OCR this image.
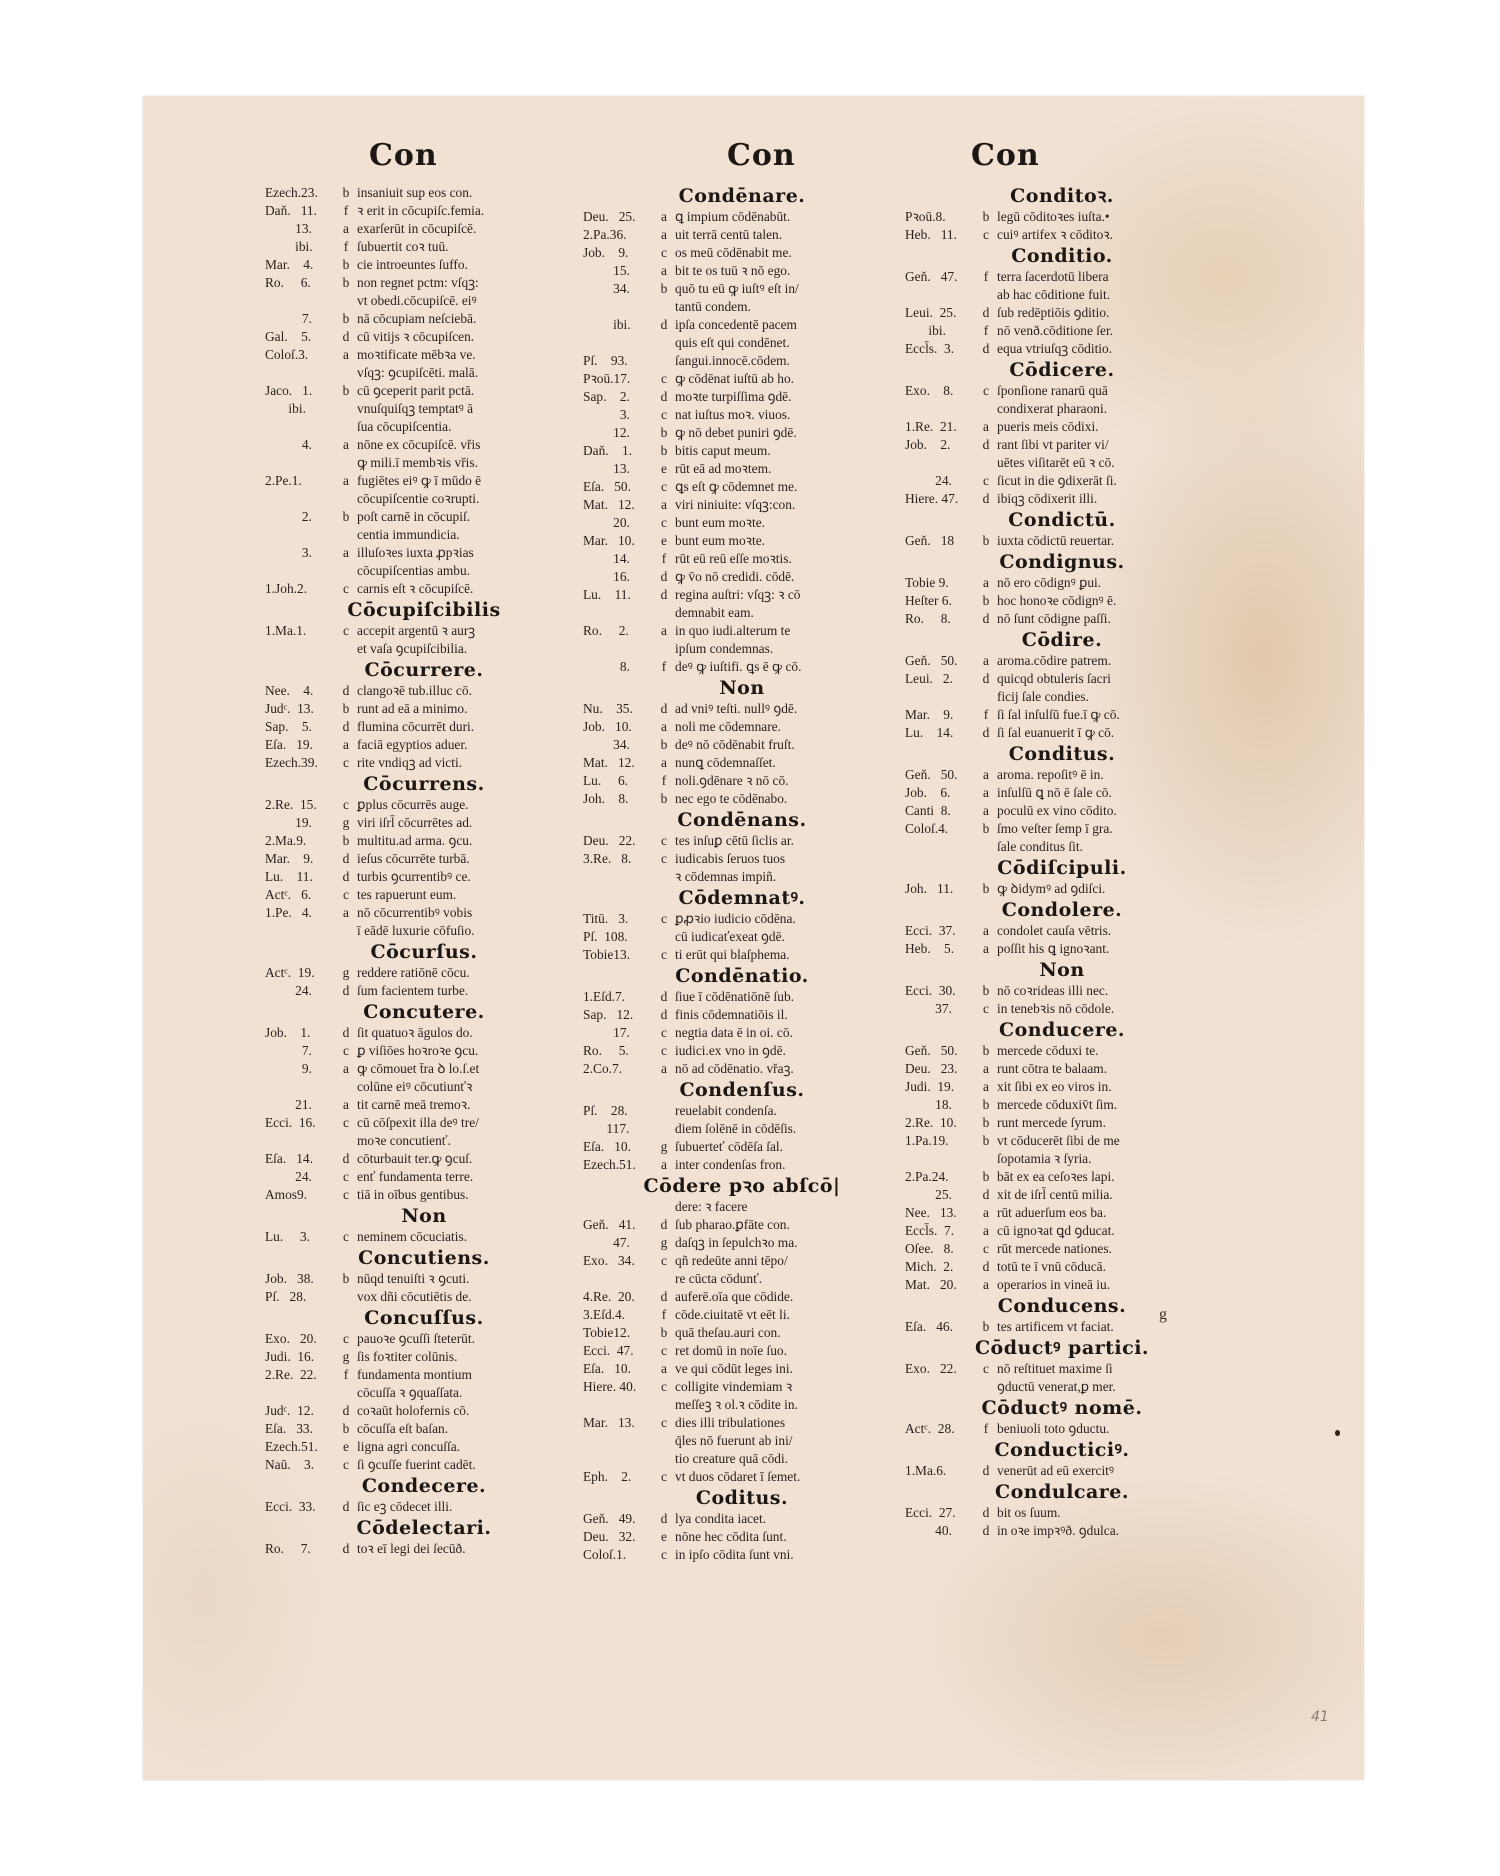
Con
Ezech.23.	b insaniuit sup eos con.
Daň.   11.	f ꝛ erit in cōcupiſc.femia.
13.	a exarſerūt in cōcupiſcē.
ibi.	f ſubuertit coꝛ tuū.
Mar.    4.	b cie introeuntes ſuffo.
Ro.     6.	b non regnet pctm: vſqꝫ:
vt obedi.cōcupiſcē. eiꝰ
7.	b nā cōcupiam neſciebā.
Gal.    5.	d cū vitijs ꝛ cōcupiſcen.
Coloſ.3.	a moꝛtificate mēbꝛa ve.
vſqꝫ: ꝯcupiſcēti. malā.
Jaco.   1.	b cū ꝯceperit parit pctā.
ibi.	vnuſquiſqꝫ temptatꝰ ā
ſua cōcupiſcentia.
4.	a nōne ex cōcupiſcē. vřis
ꝙ mili.ī membꝛis vřis.
2.Pe.1.	a fugiētes eiꝰ ꝙ ī mūdo ē
cōcupiſcentie coꝛrupti.
2.	b poſt carnē in cōcupiſ.
centia immundicia.
3.	a illuſoꝛes iuxta ꝓpꝛias
cōcupiſcentias ambu.
1.Joh.2.	c carnis eſt ꝛ cōcupiſcē.
Cōcupiſcibilis
1.Ma.1.	c accepit argentū ꝛ aurꝫ
et vaſa ꝯcupiſcibilia.
Cōcurrere.
Nee.    4.	d clangoꝛē tub.illuc cō.
Judᶜ.  13.	b runt ad eā a minimo.
Sap.    5.	d flumina cōcurrēt duri.
Eſa.   19.	a faciā egyptios aduer.
Ezech.39.	c rite vndiqꝫ ad victi.
Cōcurrens.
2.Re.  15.	c ꝑplus cōcurrēs auge.
19.	g viri iſrl̄ cōcurrētes ad.
2.Ma.9.	b multitu.ad arma. ꝯcu.
Mar.    9.	d ieſus cōcurrēte turbā.
Lu.    11.	d turbis ꝯcurrentibꝰ ce.
Actᶜ.   6.	c tes rapuerunt eum.
1.Pe.   4.	a nō cōcurrentibꝰ vobis
ī eādē luxurie cōfuſio.
Cōcurſus.
Actᶜ.  19.	g reddere ratiōnē cōcu.
24.	d ſum facientem turbe.
Concutere.
Job.    1.	d ſit quatuoꝛ āgulos do.
7.	c ꝑ viſiōes hoꝛroꝛe ꝯcu.
9.	a ꝙ cōmouet t̄ra ꝺ lo.ſ.et
colūne eiꝰ cōcutiunťꝛ
21.	a tit carnē meā tremoꝛ.
Ecci.  16.	c cū cōſpexit illa deꝰ tre/
moꝛe concutienť.
Eſa.   14.	d cōturbauit ter.ꝙ ꝯcuſ.
24.	c enť fundamenta terre.
Amos9.	c tiā in oībus gentibus.
Non
Lu.     3.	c neminem cōcuciatis.
Concutiens.
Job.   38.	b nūqd tenuiſti ꝛ ꝯcuti.
Pſ.   28.	vox dñi cōcutiētis de.
Concuſſus.
Exo.   20.	c pauoꝛe ꝯcuſſi ſteterūt.
Judi.  16.	g ſis foꝛtiter colūnis.
2.Re.  22.	f fundamenta montium
cōcuſſa ꝛ ꝯquaſſata.
Judᶜ.  12.	d coꝛaūt holofernis cō.
Eſa.   33.	b cōcuſſa eſt baſan.
Ezech.51.	e ligna agri concuſſa.
Naū.    3.	c ſi ꝯcuſſe fuerint cadēt.
Condecere.
Ecci.  33.	d ſic eꝫ cōdecet illi.
Cōdelectari.
Ro.     7.	d toꝛ eī legi dei ſecūð.
Con
Condēnare.
Deu.   25.	a ꝗ impium cōdēnabūt.
2.Pa.36.	a uit terrā centū talen.
Job.    9.	c os meū cōdēnabit me.
15.	a bit te os tuū ꝛ nō ego.
34.	b quō tu eū ꝙ iuſtꝰ eſt in/
tantū condem.
ibi.	d ipſa concedentē pacem
quis eſt qui condēnet.
Pſ.    93.	ſangui.innocē.cōdem.
Pꝛoū.17.	c ꝙ cōdēnat iuſtū ab ho.
Sap.    2.	d moꝛte turpiſſima ꝯdē.
3.	c nat iuſtus moꝛ. viuos.
12.	b ꝙ nō debet puniri ꝯdē.
Daň.    1.	b bitis caput meum.
13.	e rūt eā ad moꝛtem.
Eſa.   50.	c ꝗs eſt ꝙ cōdemnet me.
Mat.   12.	a viri niniuite: vſqꝫ:con.
20.	c bunt eum moꝛte.
Mar.   10.	e bunt eum moꝛte.
14.	f rūt eū reū eſſe moꝛtis.
16.	d ꝙ v̄o nō credidi. cōdē.
Lu.    11.	d regina auſtri: vſqꝫ: ꝛ cō
demnabit eam.
Ro.     2.	a in quo iudi.alterum te
ipſum condemnas.
8.	f deꝰ ꝙ iuſtifi. ꝗs ē ꝙ cō.
Non
Nu.    35.	d ad vniꝰ teſti. nullꝰ ꝯdē.
Job.   10.	a noli me cōdemnare.
34.	b deꝰ nō cōdēnabit fruſt.
Mat.   12.	a nunꝗ cōdemnaſſet.
Lu.     6.	f noli.ꝯdēnare ꝛ nō cō.
Joh.    8.	b nec ego te cōdēnabo.
Condēnans.
Deu.   22.	c tes inſuꝑ cētū ſiclis ar.
3.Re.   8.	c iudicabis ſeruos tuos
ꝛ cōdemnas impiñ.
Cōdemnatꝰ.
Titū.   3.	c ꝑꝓꝛio iudicio cōdēna.
Pſ.  108.	cū iudicaťexeat ꝯdē.
Tobie13.	c ti erūt qui blaſphema.
Condēnatio.
1.Eſd.7.	d ſiue ī cōdēnatiōnē ſub.
Sap.   12.	d finis cōdemnatiōis il.
17.	c negtia data ē in oi. cō.
Ro.     5.	c iudici.ex vno in ꝯdē.
2.Co.7.	a nō ad cōdēnatio. vřaꝫ.
Condenſus.
Pſ.    28.	reuelabit condenſa.
117.	diem ſolēnē in cōdēſis.
Eſa.   10.	g ſubuerteť cōdēſa ſal.
Ezech.51.	a inter condenſas fron.
Cōdere pꝛo abſcō|
dere: ꝛ facere
Geň.   41.	d ſub pharao.ꝑfāte con.
47.	g daſqꝫ in ſepulchꝛo ma.
Exo.   34.	c qñ redeūte anni tēpo/
re cūcta cōdunť.
4.Re.  20.	d auferē.oīa que cōdide.
3.Eſd.4.	f cōde.ciuitatē vt eēt li.
Tobie12.	b quā theſau.auri con.
Ecci.  47.	c ret domū in noīe ſuo.
Eſa.   10.	a ve qui cōdūt leges ini.
Hiere. 40.	c colligite vindemiam ꝛ
meſſeꝫ ꝛ ol.ꝛ cōdite in.
Mar.   13.	c dies illi tribulationes
q̄les nō fuerunt ab ini/
tio creature quā cōdi.
Eph.    2.	c vt duos cōdaret ī ſemet.
Coditus.
Geň.   49.	d lya condita iacet.
Deu.   32.	e nōne hec cōdita ſunt.
Coloſ.1.	c in ipſo cōdita ſunt vni.
Con
Conditoꝛ.
Pꝛoū.8.	b legū cōditoꝛes iuſta.•
Heb.   11.	c cuiꝰ artifex ꝛ cōditoꝛ.
Conditio.
Geň.   47.	f terra ſacerdotū libera
ab hac cōditione fuit.
Leui.  25.	d ſub redēptiōis ꝯditio.
ibi.	f nō venð.cōditione ſer.
Eccl̄s.  3.	d equa vtriuſqꝫ cōditio.
Cōdicere.
Exo.    8.	c ſponſione ranarū quā
condixerat pharaoni.
1.Re.  21.	a pueris meis cōdixi.
Job.    2.	d rant ſibi vt pariter vi/
uētes viſitarēt eū ꝛ cō.
24.	c ſicut in die ꝯdixerāt ſi.
Hiere. 47.	d ibiqꝫ cōdixerit illi.
Condictū.
Geň.   18	b iuxta cōdictū reuertar.
Condignus.
Tobie 9.	a nō ero cōdignꝰ ꝑui.
Heſter 6.	b hoc honoꝛe cōdignꝰ ē.
Ro.     8.	d nō ſunt cōdigne paſſi.
Cōdire.
Geň.   50.	a aroma.cōdire patrem.
Leui.   2.	d quicqd obtuleris ſacri
ficij ſale condies.
Mar.    9.	f ſi ſal inſulſū fue.ī ꝙ cō.
Lu.    14.	d ſi ſal euanuerit ī ꝙ cō.
Conditus.
Geň.   50.	a aroma. repoſitꝰ ē in.
Job.    6.	a inſulſū ꝗ nō ē ſale cō.
Canti  8.	a poculū ex vino cōdito.
Coloſ.4.	b ſmo veſter ſemp ī gra.
ſale conditus ſit.
Cōdiſcipuli.
Joh.   11.	b ꝙ ꝺidymꝰ ad ꝯdiſci.
Condolere.
Ecci.  37.	a condolet cauſa vētris.
Heb.    5.	a poſſit his ꝗ ignoꝛant.
Non
Ecci.  30.	b nō coꝛrideas illi nec.
37.	c in tenebꝛis nō cōdole.
Conducere.
Geň.   50.	b mercede cōduxi te.
Deu.   23.	a runt cōtra te balaam.
Judi.  19.	a xit ſibi ex eo viros in.
18.	b mercede cōduxiv̄t ſim.
2.Re.  10.	b runt mercede ſyrum.
1.Pa.19.	b vt cōducerēt ſibi de me
ſopotamia ꝛ ſyria.
2.Pa.24.	b bāt ex ea ceſoꝛes lapi.
25.	d xit de iſrl̄ centū milia.
Nee.   13.	a rūt aduerſum eos ba.
Eccl̄s.  7.	a cū ignoꝛat ꝗd ꝯducat.
Oſee.   8.	c rūt mercede nationes.
Mich.  2.	d totū te ī vnū cōducā.
Mat.   20.	a operarios in vineā iu.
Conducens.
Eſa.   46.	b tes artificem vt faciat.
Cōductꝰ partici.
Exo.   22.	c nō reſtituet maxime ſi
ꝯductū venerat,ꝑ mer.
Cōductꝰ nomē.
Actᶜ.  28.	f beniuoli toto ꝯductu.
Conducticiꝰ.
1.Ma.6.	d venerūt ad eū exercitꝰ
Condulcare.
Ecci.  27.	d bit os ſuum.
40.	d in oꝛe impꝛꝰð. ꝯdulca.
g
41
